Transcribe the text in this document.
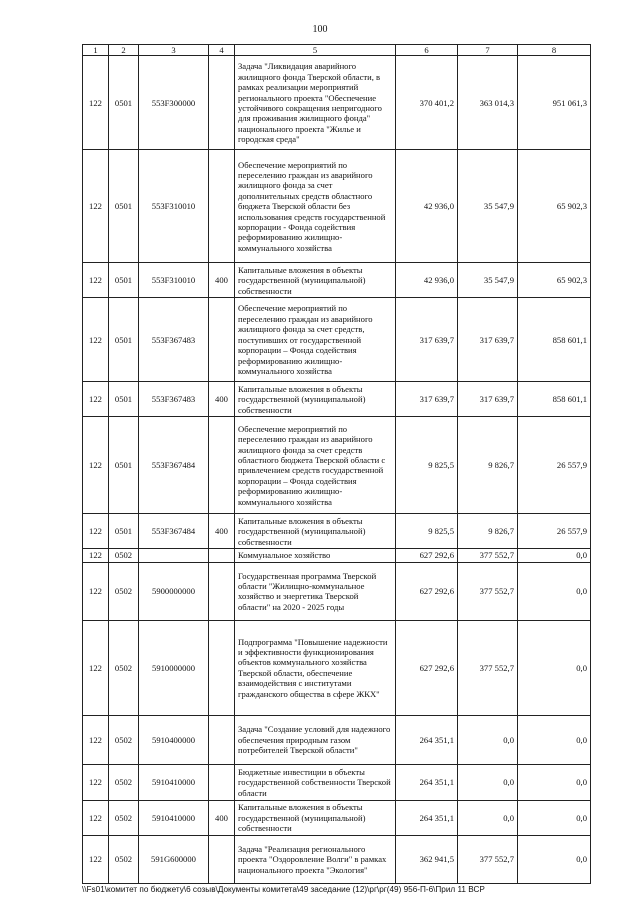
100
1	2	3	4	5	6	7	8
122	0501	553F300000		Задача "Ликвидация аварийного жилищного фонда Тверской области, в рамках реализации мероприятий регионального проекта "Обеспечение устойчивого сокращения непригодного для проживания жилищного фонда" национального проекта "Жилье и городская среда"	370 401,2	363 014,3	951 061,3
122	0501	553F310010		Обеспечение мероприятий по переселению граждан из аварийного жилищного фонда за счет дополнительных средств областного бюджета Тверской области без использования средств государственной корпорации - Фонда содействия реформированию жилищно-коммунального хозяйства	42 936,0	35 547,9	65 902,3
122	0501	553F310010	400	Капитальные вложения в объекты государственной (муниципальной) собственности	42 936,0	35 547,9	65 902,3
122	0501	553F367483		Обеспечение мероприятий по переселению граждан из аварийного жилищного фонда за счет средств, поступивших от государственной корпорации – Фонда содействия реформированию жилищно-коммунального хозяйства	317 639,7	317 639,7	858 601,1
122	0501	553F367483	400	Капитальные вложения в объекты государственной (муниципальной) собственности	317 639,7	317 639,7	858 601,1
122	0501	553F367484		Обеспечение мероприятий по переселению граждан из аварийного жилищного фонда за счет средств областного бюджета Тверской области с привлечением средств государственной корпорации – Фонда содействия реформированию жилищно-коммунального хозяйства	9 825,5	9 826,7	26 557,9
122	0501	553F367484	400	Капитальные вложения в объекты государственной (муниципальной) собственности	9 825,5	9 826,7	26 557,9
122	0502			Коммунальное хозяйство	627 292,6	377 552,7	0,0
122	0502	5900000000		Государственная программа Тверской области "Жилищно-коммунальное хозяйство и энергетика Тверской области" на 2020 - 2025 годы	627 292,6	377 552,7	0,0
122	0502	5910000000		Подпрограмма "Повышение надежности и эффективности функционирования объектов коммунального хозяйства Тверской области, обеспечение взаимодействия с институтами гражданского общества в сфере ЖКХ"	627 292,6	377 552,7	0,0
122	0502	5910400000		Задача "Создание условий для надежного обеспечения природным газом потребителей Тверской области"	264 351,1	0,0	0,0
122	0502	5910410000		Бюджетные инвестиции в объекты государственной собственности Тверской области	264 351,1	0,0	0,0
122	0502	5910410000	400	Капитальные вложения в объекты государственной (муниципальной) собственности	264 351,1	0,0	0,0
122	0502	591G600000		Задача "Реализация регионального проекта "Оздоровление Волги" в рамках национального проекта "Экология"	362 941,5	377 552,7	0,0
\\Fs01\комитет по бюджету\6 созыв\Документы комитета\49 заседание (12)\рг\рг(49) 956-П-6\Прил 11 ВСР
